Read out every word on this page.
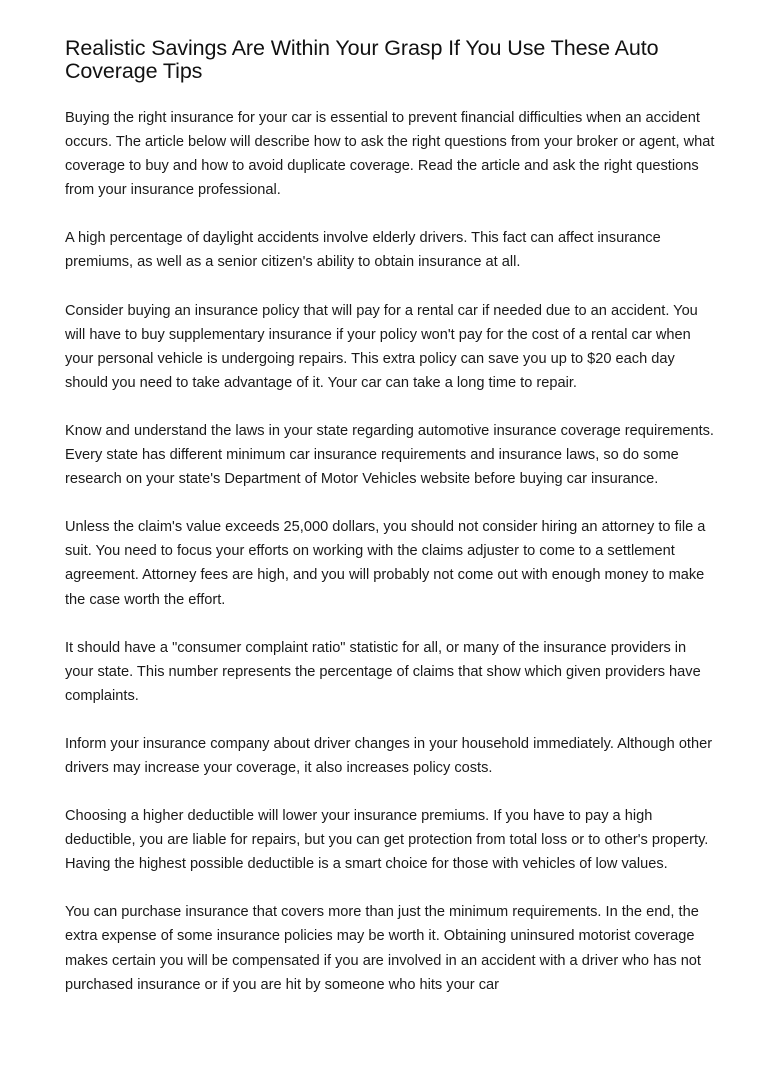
Realistic Savings Are Within Your Grasp If You Use These Auto Coverage Tips

Buying the right insurance for your car is essential to prevent financial difficulties when an accident occurs. The article below will describe how to ask the right questions from your broker or agent, what coverage to buy and how to avoid duplicate coverage. Read the article and ask the right questions from your insurance professional.

A high percentage of daylight accidents involve elderly drivers. This fact can affect insurance premiums, as well as a senior citizen's ability to obtain insurance at all.

Consider buying an insurance policy that will pay for a rental car if needed due to an accident. You will have to buy supplementary insurance if your policy won't pay for the cost of a rental car when your personal vehicle is undergoing repairs. This extra policy can save you up to $20 each day should you need to take advantage of it. Your car can take a long time to repair.

Know and understand the laws in your state regarding automotive insurance coverage requirements. Every state has different minimum car insurance requirements and insurance laws, so do some research on your state's Department of Motor Vehicles website before buying car insurance.

Unless the claim's value exceeds 25,000 dollars, you should not consider hiring an attorney to file a suit. You need to focus your efforts on working with the claims adjuster to come to a settlement agreement. Attorney fees are high, and you will probably not come out with enough money to make the case worth the effort.

It should have a "consumer complaint ratio" statistic for all, or many of the insurance providers in your state. This number represents the percentage of claims that show which given providers have complaints.

Inform your insurance company about driver changes in your household immediately. Although other drivers may increase your coverage, it also increases policy costs.

Choosing a higher deductible will lower your insurance premiums. If you have to pay a high deductible, you are liable for repairs, but you can get protection from total loss or to other's property. Having the highest possible deductible is a smart choice for those with vehicles of low values.

You can purchase insurance that covers more than just the minimum requirements. In the end, the extra expense of some insurance policies may be worth it. Obtaining uninsured motorist coverage makes certain you will be compensated if you are involved in an accident with a driver who has not purchased insurance or if you are hit by someone who hits your car
